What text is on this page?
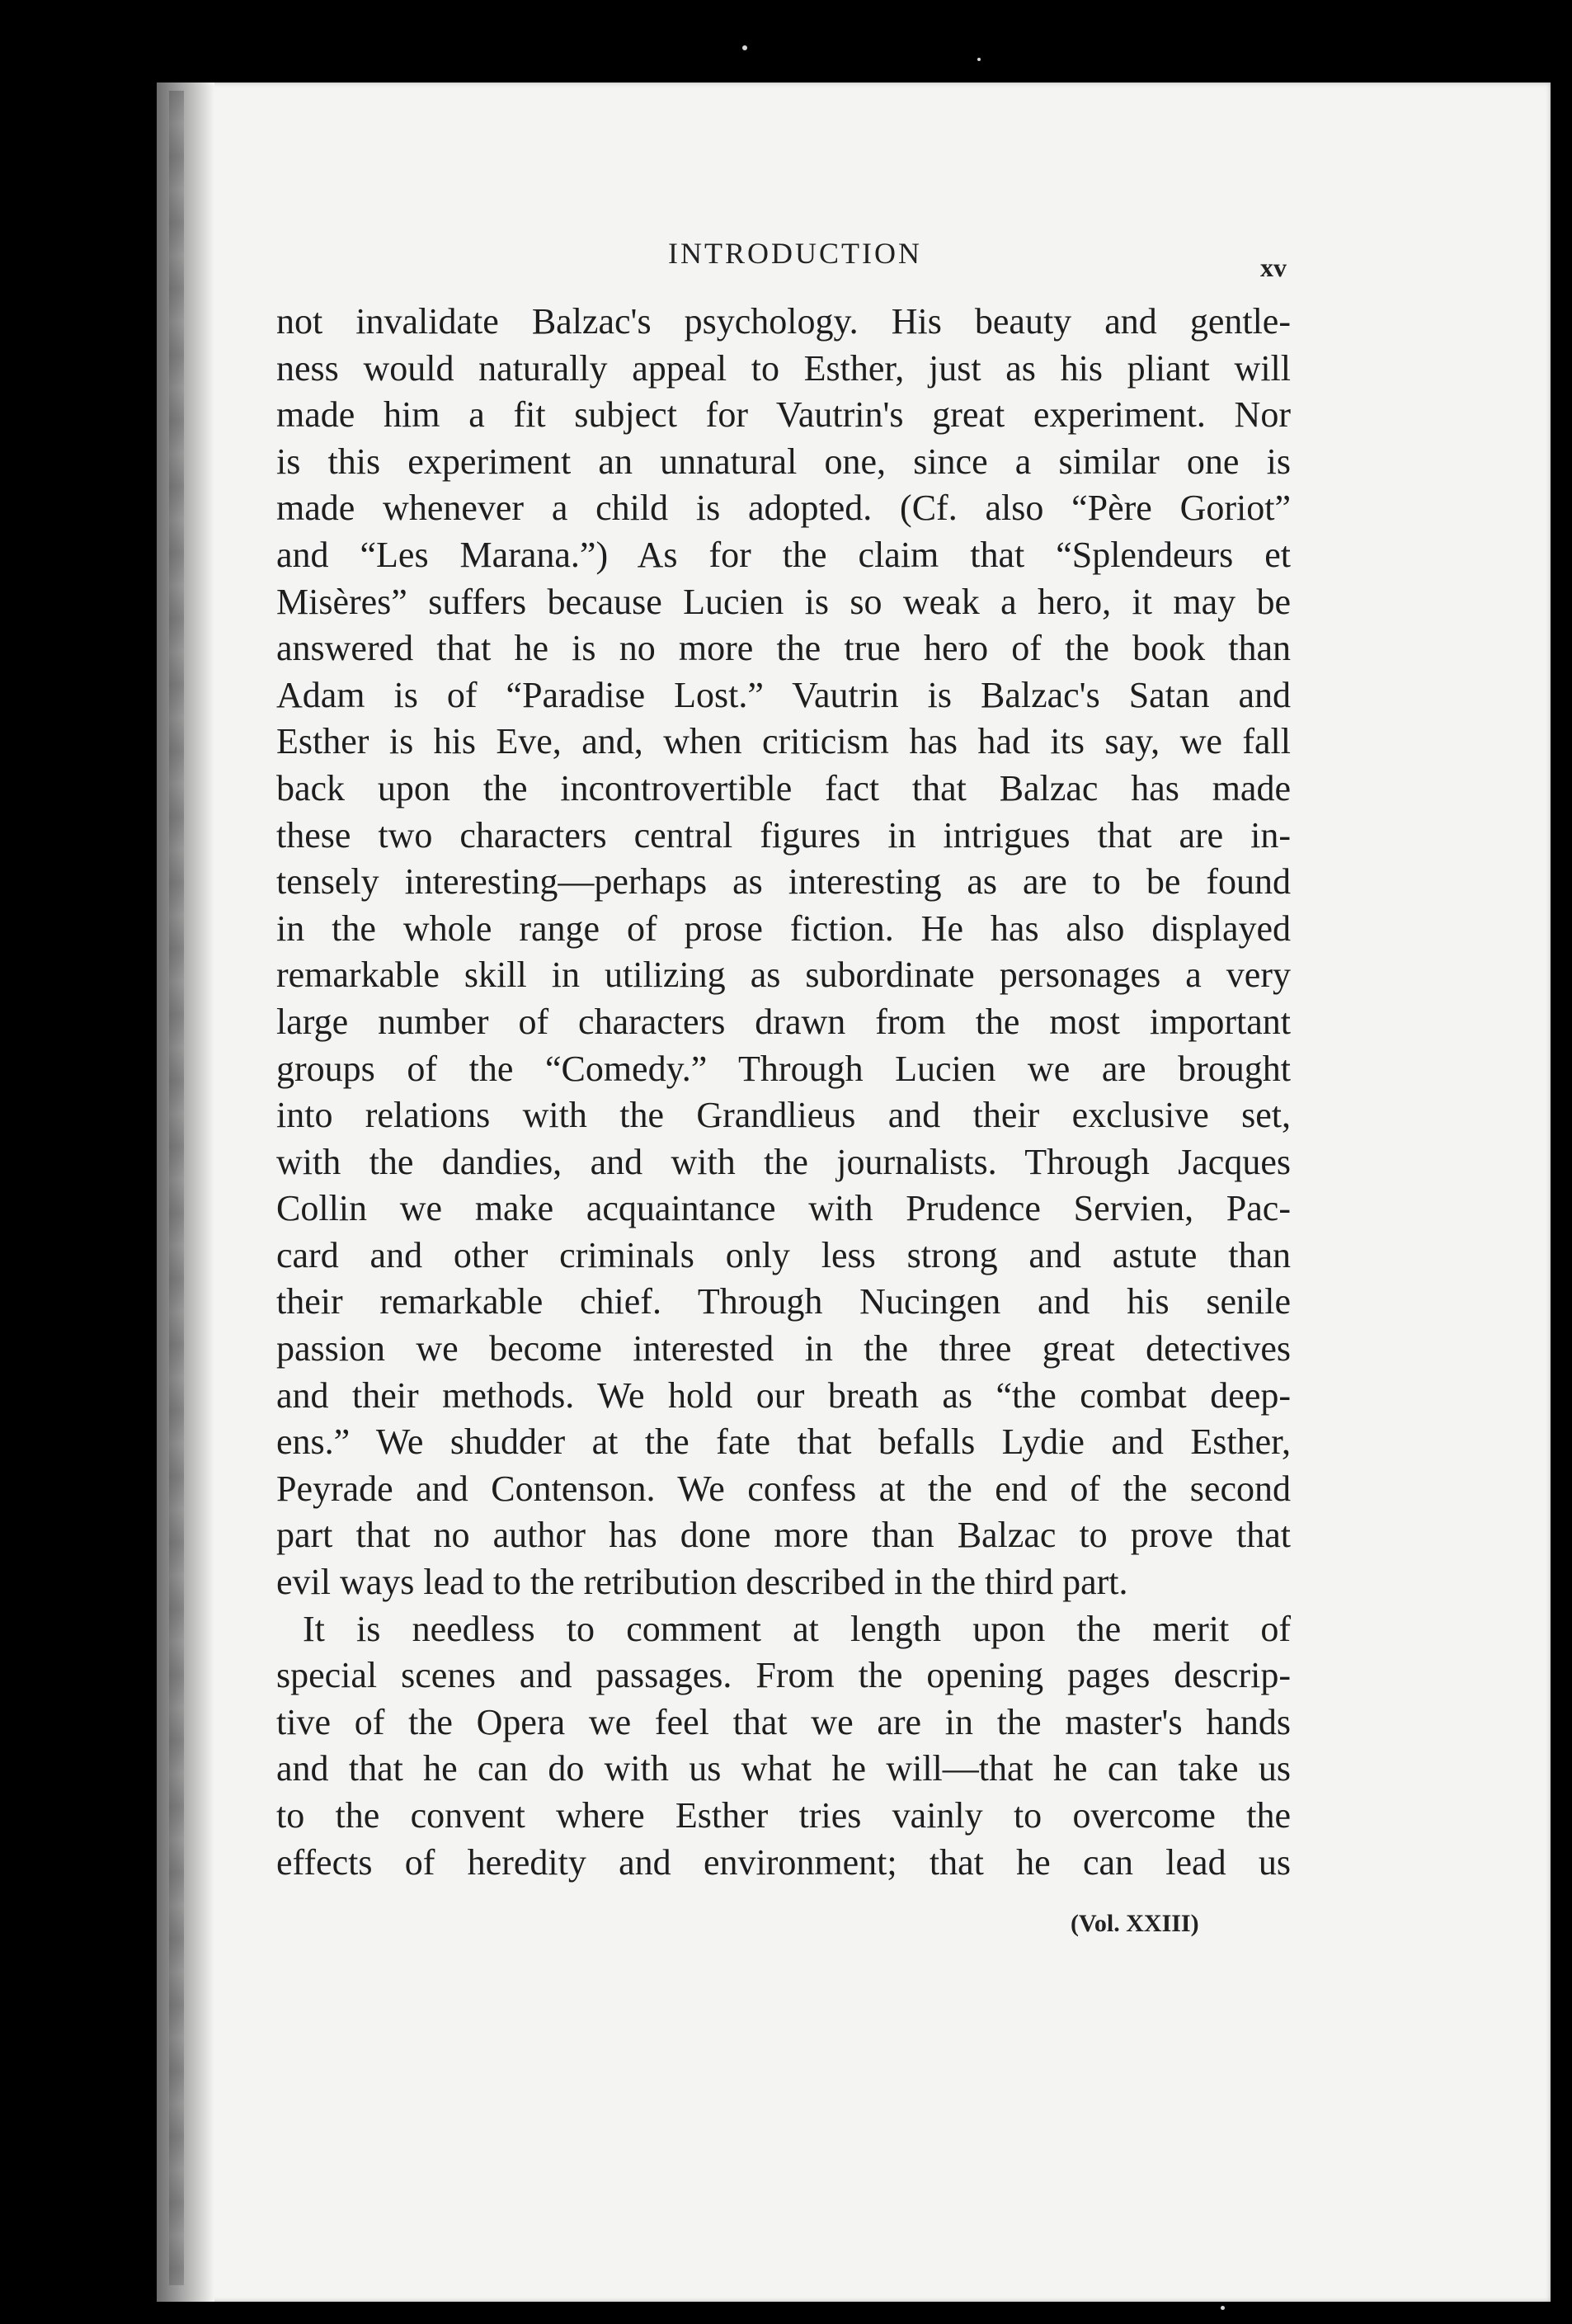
INTRODUCTION	xv
not invalidate Balzac's psychology. His beauty and gentle-
ness would naturally appeal to Esther, just as his pliant will
made him a fit subject for Vautrin's great experiment. Nor
is this experiment an unnatural one, since a similar one is
made whenever a child is adopted. (Cf. also “Père Goriot”
and “Les Marana.”) As for the claim that “Splendeurs et
Misères” suffers because Lucien is so weak a hero, it may be
answered that he is no more the true hero of the book than
Adam is of “Paradise Lost.” Vautrin is Balzac's Satan and
Esther is his Eve, and, when criticism has had its say, we fall
back upon the incontrovertible fact that Balzac has made
these two characters central figures in intrigues that are in-
tensely interesting—perhaps as interesting as are to be found
in the whole range of prose fiction. He has also displayed
remarkable skill in utilizing as subordinate personages a very
large number of characters drawn from the most important
groups of the “Comedy.” Through Lucien we are brought
into relations with the Grandlieus and their exclusive set,
with the dandies, and with the journalists. Through Jacques
Collin we make acquaintance with Prudence Servien, Pac-
card and other criminals only less strong and astute than
their remarkable chief. Through Nucingen and his senile
passion we become interested in the three great detectives
and their methods. We hold our breath as “the combat deep-
ens.” We shudder at the fate that befalls Lydie and Esther,
Peyrade and Contenson. We confess at the end of the second
part that no author has done more than Balzac to prove that
evil ways lead to the retribution described in the third part.
It is needless to comment at length upon the merit of
special scenes and passages. From the opening pages descrip-
tive of the Opera we feel that we are in the master's hands
and that he can do with us what he will—that he can take us
to the convent where Esther tries vainly to overcome the
effects of heredity and environment; that he can lead us
(Vol. XXIII)
